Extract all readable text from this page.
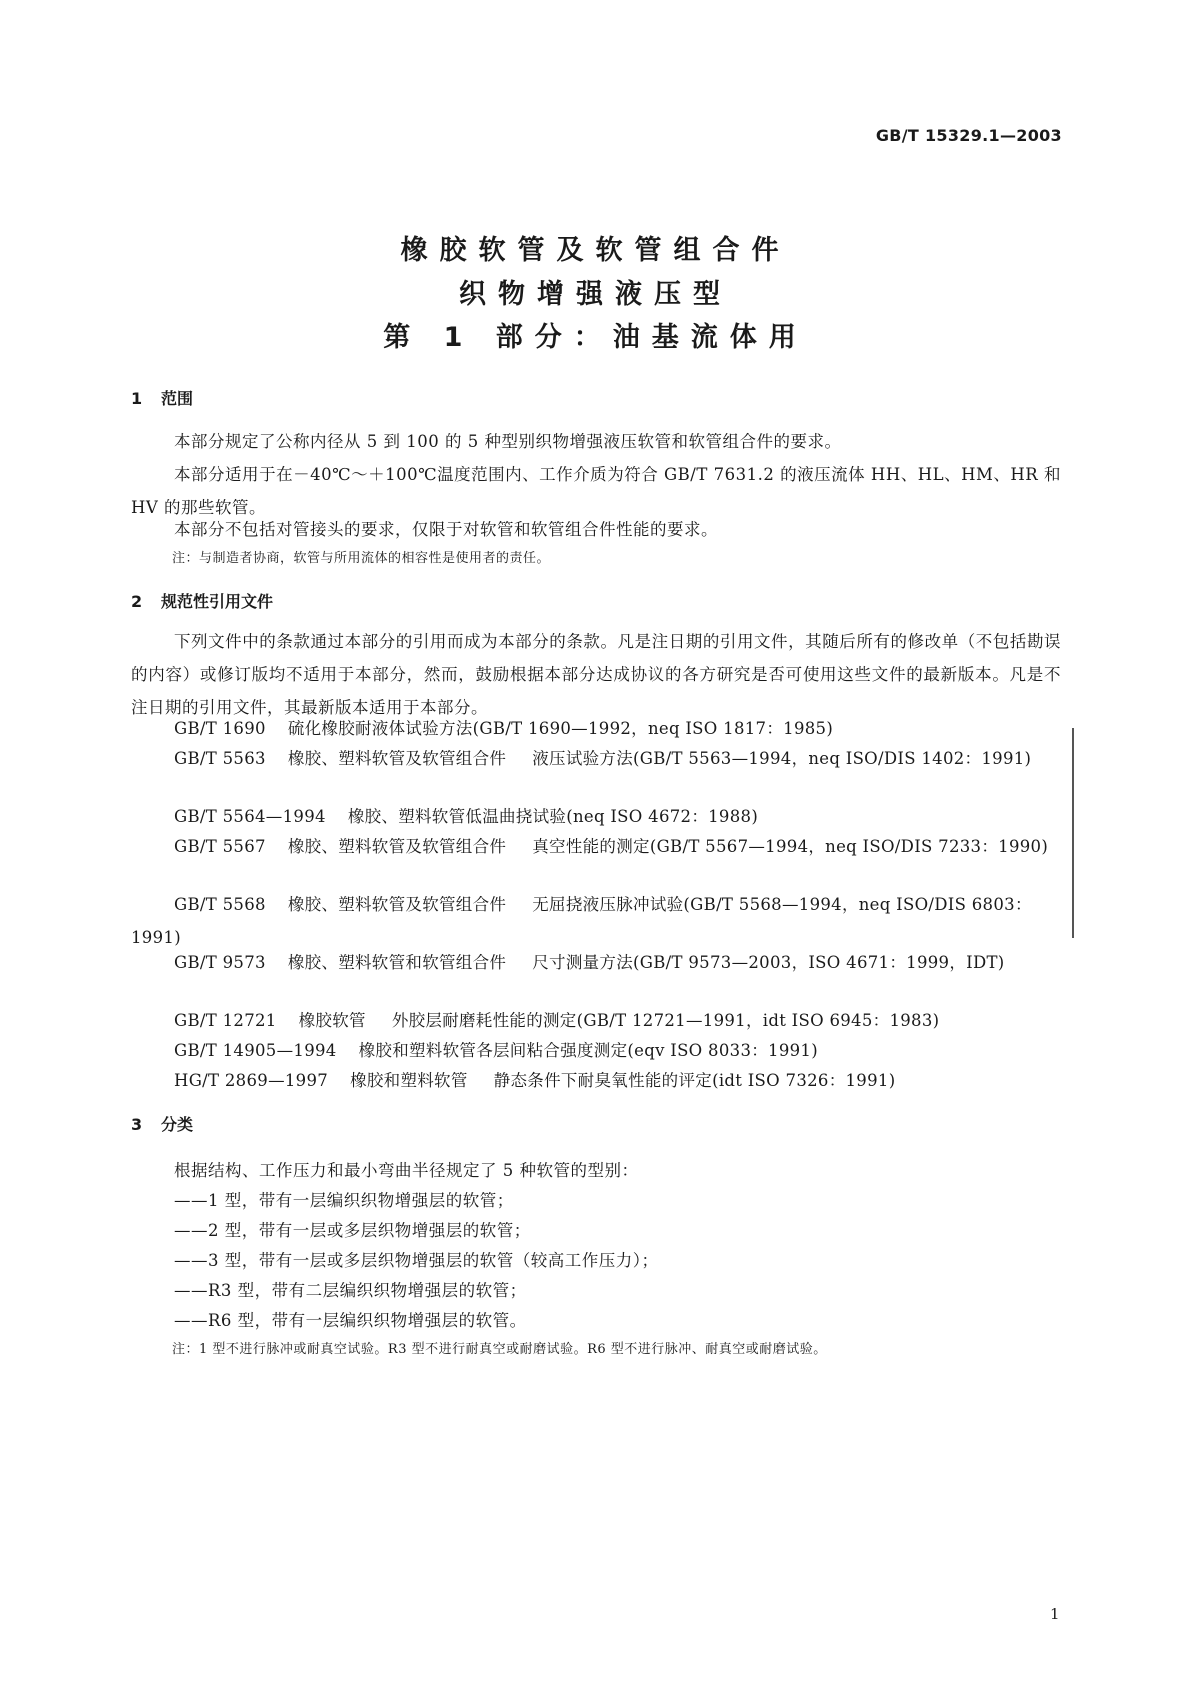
GB/T 15329.1—2003
橡胶软管及软管组合件
织物增强液压型
第 1 部分：油基流体用
1 范围
本部分规定了公称内径从 5 到 100 的 5 种型别织物增强液压软管和软管组合件的要求。
本部分适用于在－40℃～＋100℃温度范围内、工作介质为符合 GB/T 7631.2 的液压流体 HH、HL、HM、HR 和 HV 的那些软管。
本部分不包括对管接头的要求，仅限于对软管和软管组合件性能的要求。
注：与制造者协商，软管与所用流体的相容性是使用者的责任。
2 规范性引用文件
下列文件中的条款通过本部分的引用而成为本部分的条款。凡是注日期的引用文件，其随后所有的修改单（不包括勘误的内容）或修订版均不适用于本部分，然而，鼓励根据本部分达成协议的各方研究是否可使用这些文件的最新版本。凡是不注日期的引用文件，其最新版本适用于本部分。
GB/T 1690 硫化橡胶耐液体试验方法(GB/T 1690—1992，neq ISO 1817：1985)
GB/T 5563 橡胶、塑料软管及软管组合件 液压试验方法(GB/T 5563—1994，neq ISO/DIS 1402：1991)
GB/T 5564—1994 橡胶、塑料软管低温曲挠试验(neq ISO 4672：1988)
GB/T 5567 橡胶、塑料软管及软管组合件 真空性能的测定(GB/T 5567—1994，neq ISO/DIS 7233：1990)
GB/T 5568 橡胶、塑料软管及软管组合件 无屈挠液压脉冲试验(GB/T 5568—1994，neq ISO/DIS 6803：1991)
GB/T 9573 橡胶、塑料软管和软管组合件 尺寸测量方法(GB/T 9573—2003，ISO 4671：1999，IDT)
GB/T 12721 橡胶软管 外胶层耐磨耗性能的测定(GB/T 12721—1991，idt ISO 6945：1983)
GB/T 14905—1994 橡胶和塑料软管各层间粘合强度测定(eqv ISO 8033：1991)
HG/T 2869—1997 橡胶和塑料软管 静态条件下耐臭氧性能的评定(idt ISO 7326：1991)
3 分类
根据结构、工作压力和最小弯曲半径规定了 5 种软管的型别：
——1 型，带有一层编织织物增强层的软管；
——2 型，带有一层或多层织物增强层的软管；
——3 型，带有一层或多层织物增强层的软管（较高工作压力）；
——R3 型，带有二层编织织物增强层的软管；
——R6 型，带有一层编织织物增强层的软管。
注：1 型不进行脉冲或耐真空试验。R3 型不进行耐真空或耐磨试验。R6 型不进行脉冲、耐真空或耐磨试验。
1
